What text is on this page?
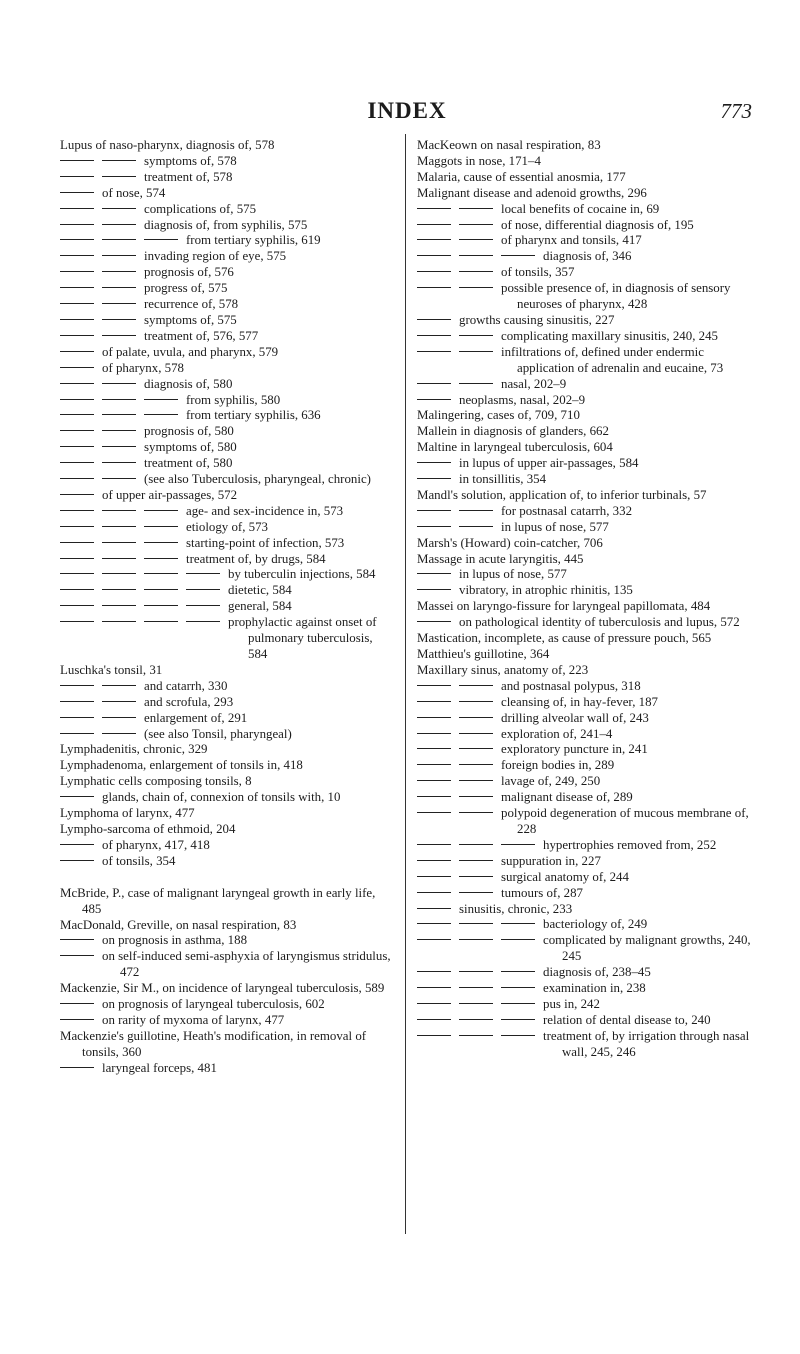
INDEX	773
Lupus of naso-pharynx, diagnosis of, 578
symptoms of, 578
treatment of, 578
of nose, 574
complications of, 575
diagnosis of, from syphilis, 575
from tertiary syphilis, 619
invading region of eye, 575
prognosis of, 576
progress of, 575
recurrence of, 578
symptoms of, 575
treatment of, 576, 577
of palate, uvula, and pharynx, 579
of pharynx, 578
diagnosis of, 580
from syphilis, 580
from tertiary syphilis, 636
prognosis of, 580
symptoms of, 580
treatment of, 580
(see also Tuberculosis, pharyngeal, chronic)
of upper air-passages, 572
age- and sex-incidence in, 573
etiology of, 573
starting-point of infection, 573
treatment of, by drugs, 584
by tuberculin injections, 584
dietetic, 584
general, 584
prophylactic against onset of pulmonary tuberculosis, 584
Luschka's tonsil, 31
and catarrh, 330
and scrofula, 293
enlargement of, 291
(see also Tonsil, pharyngeal)
Lymphadenitis, chronic, 329
Lymphadenoma, enlargement of tonsils in, 418
Lymphatic cells composing tonsils, 8
glands, chain of, connexion of tonsils with, 10
Lymphoma of larynx, 477
Lympho-sarcoma of ethmoid, 204
of pharynx, 417, 418
of tonsils, 354
McBride, P., case of malignant laryngeal growth in early life, 485
MacDonald, Greville, on nasal respiration, 83
on prognosis in asthma, 188
on self-induced semi-asphyxia of laryngismus stridulus, 472
Mackenzie, Sir M., on incidence of laryngeal tuberculosis, 589
on prognosis of laryngeal tuberculosis, 602
on rarity of myxoma of larynx, 477
Mackenzie's guillotine, Heath's modification, in removal of tonsils, 360
laryngeal forceps, 481
MacKeown on nasal respiration, 83
Maggots in nose, 171–4
Malaria, cause of essential anosmia, 177
Malignant disease and adenoid growths, 296
local benefits of cocaine in, 69
of nose, differential diagnosis of, 195
of pharynx and tonsils, 417
diagnosis of, 346
of tonsils, 357
possible presence of, in diagnosis of sensory neuroses of pharynx, 428
growths causing sinusitis, 227
complicating maxillary sinusitis, 240, 245
infiltrations of, defined under endermic application of adrenalin and eucaine, 73
nasal, 202–9
neoplasms, nasal, 202–9
Malingering, cases of, 709, 710
Mallein in diagnosis of glanders, 662
Maltine in laryngeal tuberculosis, 604
in lupus of upper air-passages, 584
in tonsillitis, 354
Mandl's solution, application of, to inferior turbinals, 57
for postnasal catarrh, 332
in lupus of nose, 577
Marsh's (Howard) coin-catcher, 706
Massage in acute laryngitis, 445
in lupus of nose, 577
vibratory, in atrophic rhinitis, 135
Massei on laryngo-fissure for laryngeal papillomata, 484
on pathological identity of tuberculosis and lupus, 572
Mastication, incomplete, as cause of pressure pouch, 565
Matthieu's guillotine, 364
Maxillary sinus, anatomy of, 223
and postnasal polypus, 318
cleansing of, in hay-fever, 187
drilling alveolar wall of, 243
exploration of, 241–4
exploratory puncture in, 241
foreign bodies in, 289
lavage of, 249, 250
malignant disease of, 289
polypoid degeneration of mucous membrane of, 228
hypertrophies removed from, 252
suppuration in, 227
surgical anatomy of, 244
tumours of, 287
sinusitis, chronic, 233
bacteriology of, 249
complicated by malignant growths, 240, 245
diagnosis of, 238–45
examination in, 238
pus in, 242
relation of dental disease to, 240
treatment of, by irrigation through nasal wall, 245, 246
